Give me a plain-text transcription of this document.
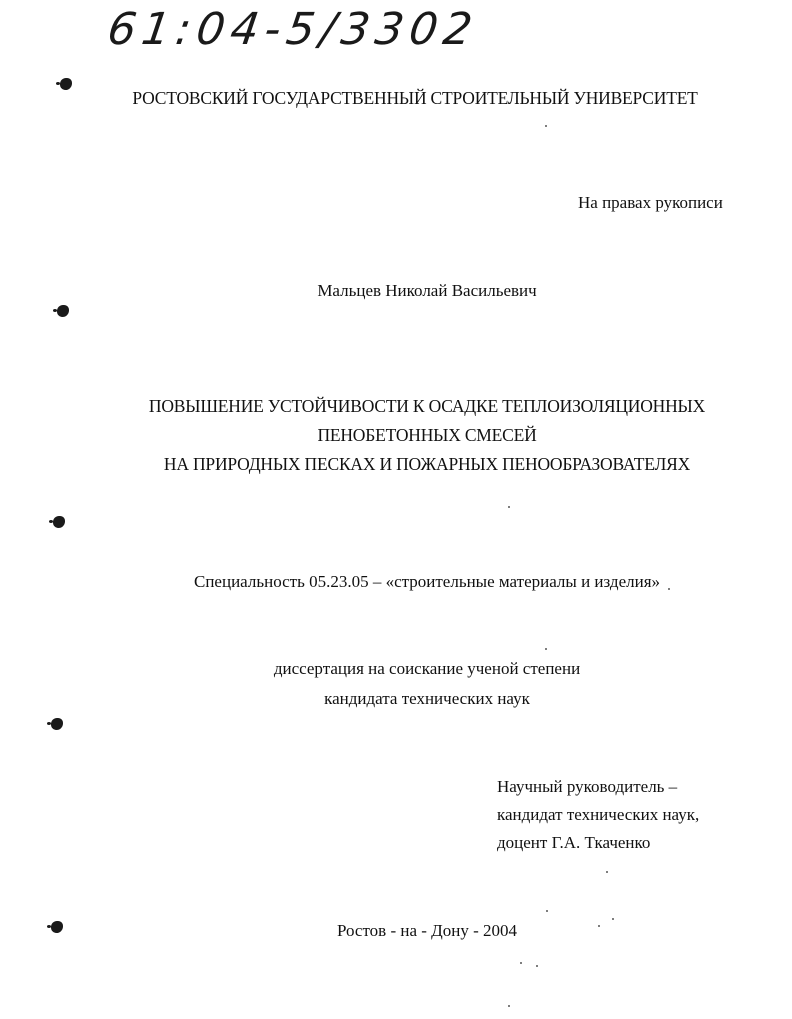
61:04-5/3302
РОСТОВСКИЙ ГОСУДАРСТВЕННЫЙ СТРОИТЕЛЬНЫЙ УНИВЕРСИТЕТ
На правах рукописи
Мальцев Николай Васильевич
ПОВЫШЕНИЕ УСТОЙЧИВОСТИ К ОСАДКЕ ТЕПЛОИЗОЛЯЦИОННЫХ
ПЕНОБЕТОННЫХ СМЕСЕЙ
НА ПРИРОДНЫХ ПЕСКАХ И ПОЖАРНЫХ ПЕНООБРАЗОВАТЕЛЯХ
Специальность 05.23.05 – «строительные материалы и изделия»
диссертация на соискание ученой степени
кандидата технических наук
Научный руководитель –
кандидат технических наук,
доцент Г.А. Ткаченко
Ростов - на - Дону - 2004
